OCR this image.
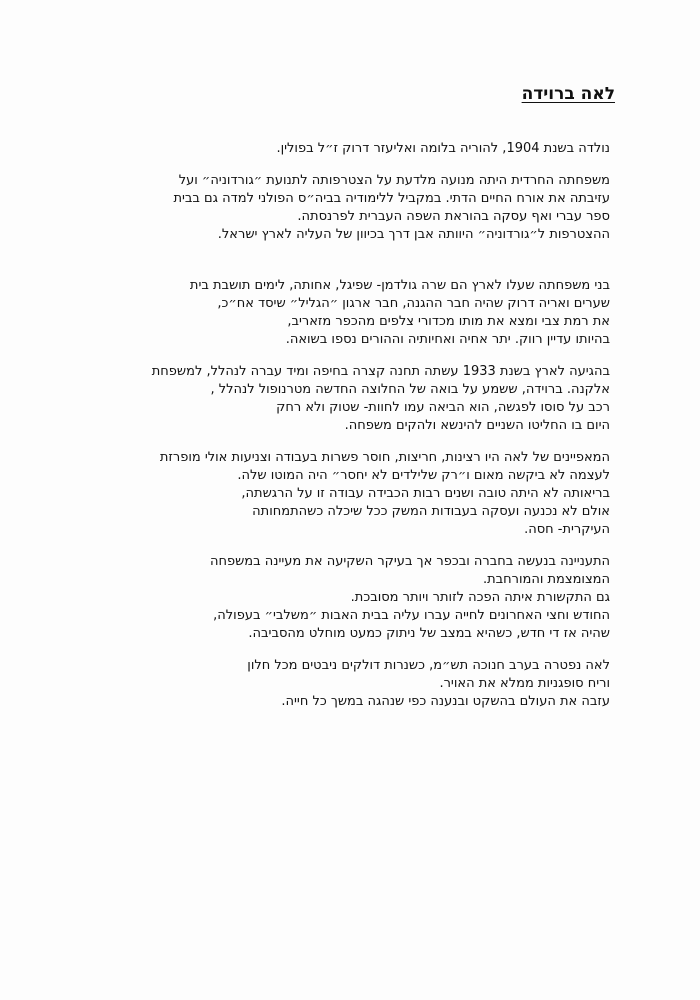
לאה ברוידה
נולדה בשנת 1904, להוריה בלומה ואליעזר דרוק ז״ל בפולין.
משפחתה החרדית היתה מנועה מלדעת על הצטרפותה לתנועת ״גורדוניה״ ועל
עזיבתה את אורח החיים הדתי. במקביל ללימודיה בביה״ס הפולני למדה גם בבית
ספר עברי ואף עסקה בהוראת השפה העברית לפרנסתה.
ההצטרפות ל״גורדוניה״ היוותה אבן דרך בכיוון של העליה לארץ ישראל.
בני משפחתה שעלו לארץ הם שרה גולדמן- שפיגל, אחותה, לימים תושבת בית
שערים ואריה דרוק שהיה חבר ההגנה, חבר ארגון ״הגליל״ שיסד אח״כ,
את רמת צבי ומצא את מותו מכדורי צלפים מהכפר מזאריב,
בהיותו עדיין רווק. יתר אחיה ואחיותיה וההורים נספו בשואה.
בהגיעה לארץ בשנת 1933 עשתה תחנה קצרה בחיפה ומיד עברה לנהלל, למשפחת
אלקנה. ברוידה, ששמע על בואה של החלוצה החדשה מטרנופול לנהלל ,
רכב על סוסו לפגשה, הוא הביאה עמו לחוות- שטוק ולא רחק
היום בו החליטו השניים להינשא ולהקים משפחה.
המאפיינים של לאה היו רצינות, חריצות, חוסר פשרות בעבודה וצניעות אולי מופרזת
לעצמה לא ביקשה מאום ו״רק שלילדים לא יחסר״ היה המוטו שלה.
בריאותה לא היתה טובה ושנים רבות הכבידה עבודה זו על הרגשתה,
אולם לא נכנעה ועסקה בעבודות המשק ככל שיכלה כשהתמחותה
העיקרית- חסה.
התעניינה בנעשה בחברה ובכפר אך בעיקר השקיעה את מעיינה במשפחה
המצומצמת והמורחבת.
גם התקשורת איתה הפכה לזותר ויותר מסובכת.
החודש וחצי האחרונים לחייה עברו עליה בבית האבות ״משלבי״ בעפולה,
שהיה אז די חדש, כשהיא במצב של ניתוק כמעט מוחלט מהסביבה.
לאה נפטרה בערב חנוכה תש״מ, כשנרות דולקים ניבטים מכל חלון
וריח סופגניות ממלא את האויר.
עזבה את העולם בהשקט ובנענה כפי שנהגה במשך כל חייה.
